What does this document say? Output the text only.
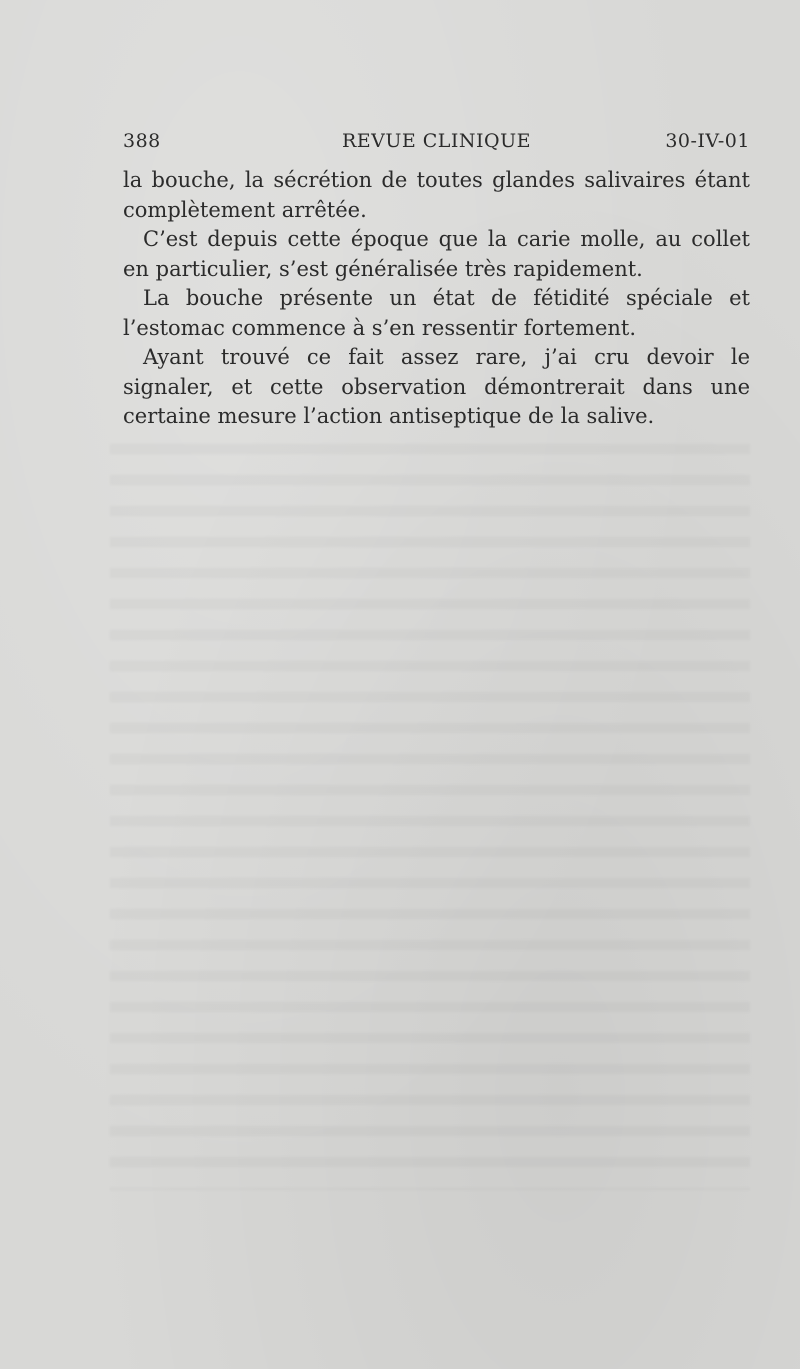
388	REVUE CLINIQUE	30-IV-01

la bouche, la sécrétion de toutes glandes salivaires étant complètement arrêtée.

C’est depuis cette époque que la carie molle, au collet en particulier, s’est généralisée très rapidement.

La bouche présente un état de fétidité spéciale et l’estomac commence à s’en ressentir fortement.

Ayant trouvé ce fait assez rare, j’ai cru devoir le signaler, et cette observation démontrerait dans une certaine mesure l’action antiseptique de la salive.
